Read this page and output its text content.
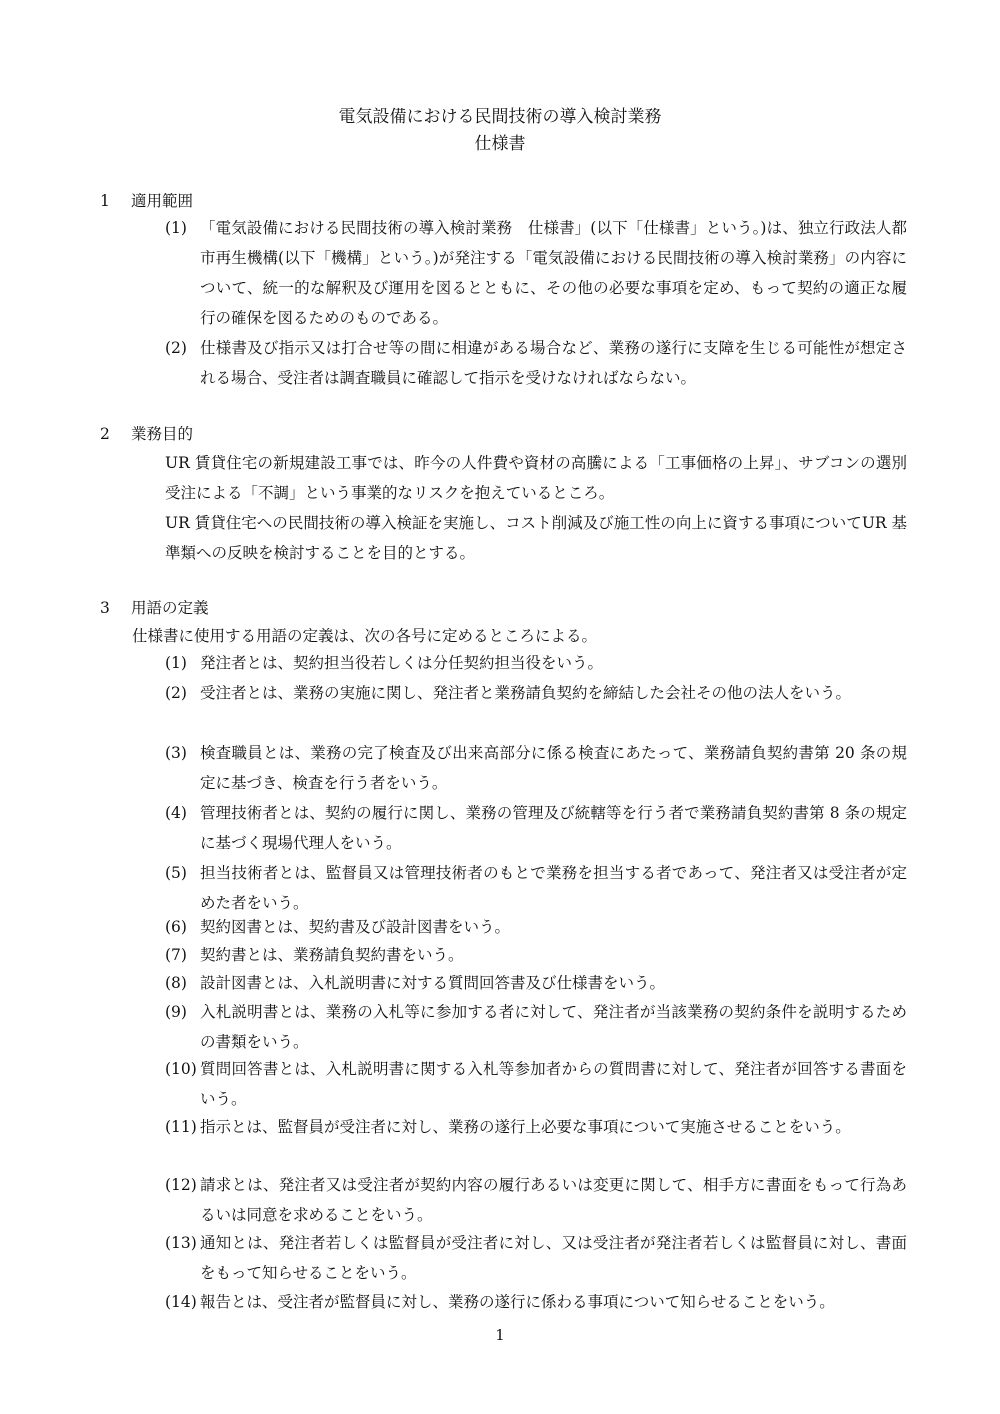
電気設備における民間技術の導入検討業務
仕様書
1 適用範囲
(1) 「電気設備における民間技術の導入検討業務　仕様書」(以下「仕様書」という。)は、独立行政法人都市再生機構(以下「機構」という。)が発注する「電気設備における民間技術の導入検討業務」の内容について、統一的な解釈及び運用を図るとともに、その他の必要な事項を定め、もって契約の適正な履行の確保を図るためのものである。
(2) 仕様書及び指示又は打合せ等の間に相違がある場合など、業務の遂行に支障を生じる可能性が想定される場合、受注者は調査職員に確認して指示を受けなければならない。
2 業務目的
UR 賃貸住宅の新規建設工事では、昨今の人件費や資材の高騰による「工事価格の上昇」、サブコンの選別受注による「不調」という事業的なリスクを抱えているところ。
UR 賃貸住宅への民間技術の導入検証を実施し、コスト削減及び施工性の向上に資する事項についてUR 基準類への反映を検討することを目的とする。
3 用語の定義
仕様書に使用する用語の定義は、次の各号に定めるところによる。
(1) 発注者とは、契約担当役若しくは分任契約担当役をいう。
(2) 受注者とは、業務の実施に関し、発注者と業務請負契約を締結した会社その他の法人をいう。
(3) 検査職員とは、業務の完了検査及び出来高部分に係る検査にあたって、業務請負契約書第 20 条の規定に基づき、検査を行う者をいう。
(4) 管理技術者とは、契約の履行に関し、業務の管理及び統轄等を行う者で業務請負契約書第 8 条の規定に基づく現場代理人をいう。
(5) 担当技術者とは、監督員又は管理技術者のもとで業務を担当する者であって、発注者又は受注者が定めた者をいう。
(6) 契約図書とは、契約書及び設計図書をいう。
(7) 契約書とは、業務請負契約書をいう。
(8) 設計図書とは、入札説明書に対する質問回答書及び仕様書をいう。
(9) 入札説明書とは、業務の入札等に参加する者に対して、発注者が当該業務の契約条件を説明するための書類をいう。
(10) 質問回答書とは、入札説明書に関する入札等参加者からの質問書に対して、発注者が回答する書面をいう。
(11) 指示とは、監督員が受注者に対し、業務の遂行上必要な事項について実施させることをいう。
(12) 請求とは、発注者又は受注者が契約内容の履行あるいは変更に関して、相手方に書面をもって行為あるいは同意を求めることをいう。
(13) 通知とは、発注者若しくは監督員が受注者に対し、又は受注者が発注者若しくは監督員に対し、書面をもって知らせることをいう。
(14) 報告とは、受注者が監督員に対し、業務の遂行に係わる事項について知らせることをいう。
1
